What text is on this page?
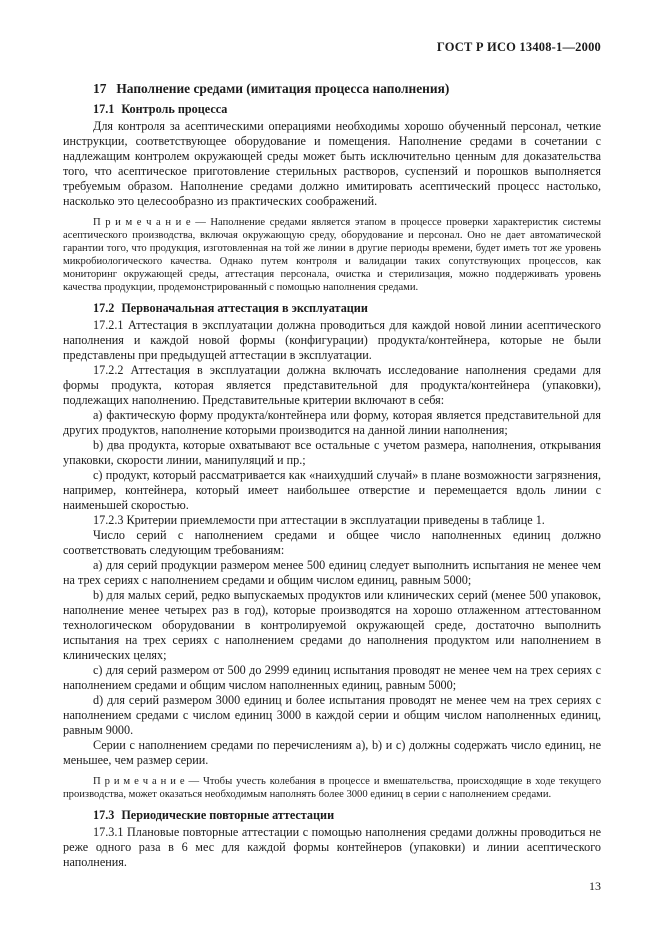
ГОСТ Р ИСО 13408-1—2000
17 Наполнение средами (имитация процесса наполнения)
17.1 Контроль процесса

Для контроля за асептическими операциями необходимы хорошо обученный персонал, четкие инструкции, соответствующее оборудование и помещения. Наполнение средами в сочетании с надлежащим контролем окружающей среды может быть исключительно ценным для доказательства того, что асептическое приготовление стерильных растворов, суспензий и порошков выполняется требуемым образом. Наполнение средами должно имитировать асептический процесс настолько, насколько это целесообразно из практических соображений.

П р и м е ч а н и е — Наполнение средами является этапом в процессе проверки характеристик системы асептического производства, включая окружающую среду, оборудование и персонал. Оно не дает автоматической гарантии того, что продукция, изготовленная на той же линии в другие периоды времени, будет иметь тот же уровень микробиологического качества. Однако путем контроля и валидации таких сопутствующих процессов, как мониторинг окружающей среды, аттестация персонала, очистка и стерилизация, можно поддерживать уровень качества продукции, продемонстрированный с помощью наполнения средами.

17.2 Первоначальная аттестация в эксплуатации

17.2.1 Аттестация в эксплуатации должна проводиться для каждой новой линии асептического наполнения и каждой новой формы (конфигурации) продукта/контейнера, которые не были представлены при предыдущей аттестации в эксплуатации.

17.2.2 Аттестация в эксплуатации должна включать исследование наполнения средами для формы продукта, которая является представительной для продукта/контейнера (упаковки), подлежащих наполнению. Представительные критерии включают в себя:

a) фактическую форму продукта/контейнера или форму, которая является представительной для других продуктов, наполнение которыми производится на данной линии наполнения;

b) два продукта, которые охватывают все остальные с учетом размера, наполнения, открывания упаковки, скорости линии, манипуляций и пр.;

c) продукт, который рассматривается как «наихудший случай» в плане возможности загрязнения, например, контейнера, который имеет наибольшее отверстие и перемещается вдоль линии с наименьшей скоростью.

17.2.3 Критерии приемлемости при аттестации в эксплуатации приведены в таблице 1.

Число серий с наполнением средами и общее число наполненных единиц должно соответствовать следующим требованиям:

a) для серий продукции размером менее 500 единиц следует выполнить испытания не менее чем на трех сериях с наполнением средами и общим числом единиц, равным 5000;

b) для малых серий, редко выпускаемых продуктов или клинических серий (менее 500 упаковок, наполнение менее четырех раз в год), которые производятся на хорошо отлаженном аттестованном технологическом оборудовании в контролируемой окружающей среде, достаточно выполнить испытания на трех сериях с наполнением средами до наполнения продуктом или наполнением в клинических целях;

c) для серий размером от 500 до 2999 единиц испытания проводят не менее чем на трех сериях с наполнением средами и общим числом наполненных единиц, равным 5000;

d) для серий размером 3000 единиц и более испытания проводят не менее чем на трех сериях с наполнением средами с числом единиц 3000 в каждой серии и общим числом наполненных единиц, равным 9000.

Серии с наполнением средами по перечислениям a), b) и c) должны содержать число единиц, не меньшее, чем размер серии.

П р и м е ч а н и е — Чтобы учесть колебания в процессе и вмешательства, происходящие в ходе текущего производства, может оказаться необходимым наполнять более 3000 единиц в серии с наполнением средами.

17.3 Периодические повторные аттестации

17.3.1 Плановые повторные аттестации с помощью наполнения средами должны проводиться не реже одного раза в 6 мес для каждой формы контейнеров (упаковки) и линии асептического наполнения.

13
